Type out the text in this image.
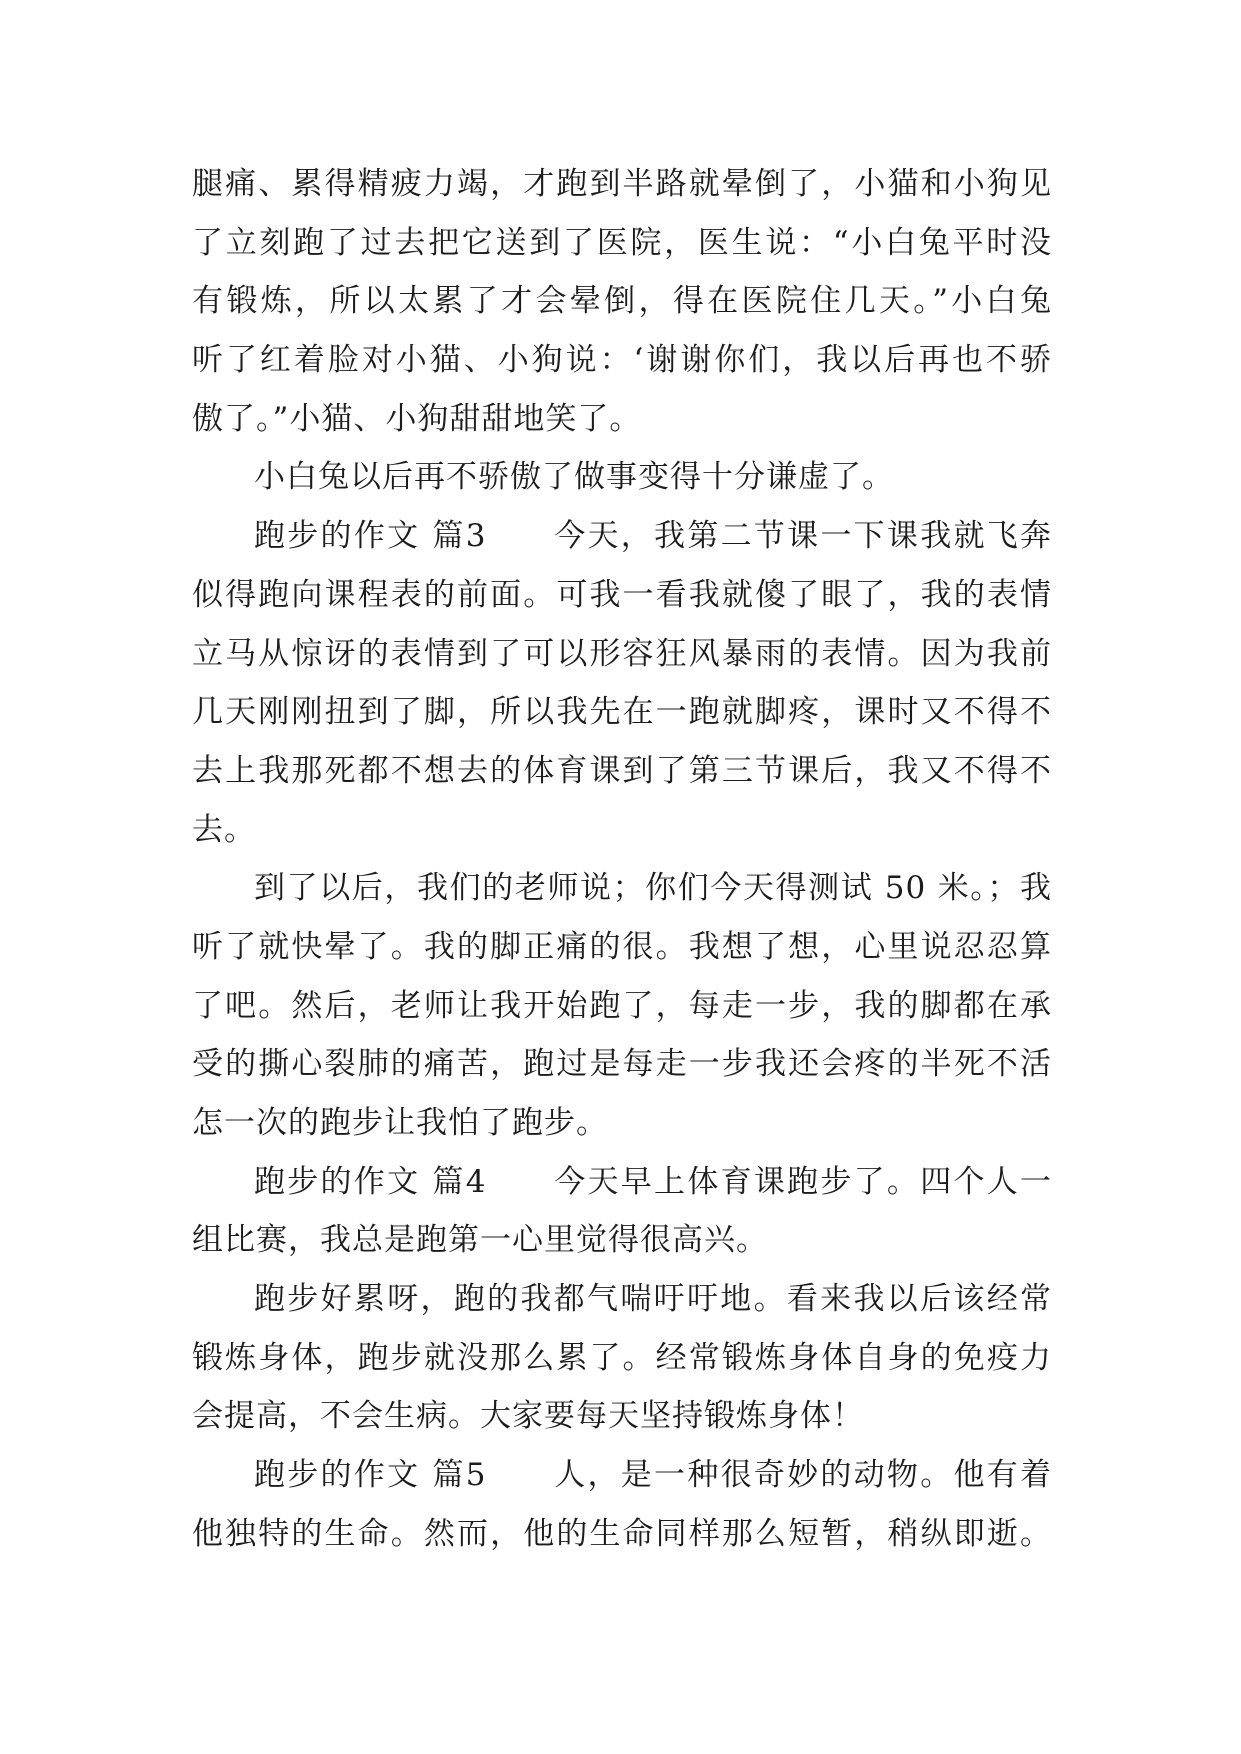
腿痛、累得精疲力竭，才跑到半路就晕倒了，小猫和小狗见
了立刻跑了过去把它送到了医院，医生说：“小白兔平时没
有锻炼，所以太累了才会晕倒，得在医院住几天。”小白兔
听了红着脸对小猫、小狗说：‘谢谢你们，我以后再也不骄
傲了。”小猫、小狗甜甜地笑了。
小白兔以后再不骄傲了做事变得十分谦虚了。
跑步的作文 篇3　　今天，我第二节课一下课我就飞奔
似得跑向课程表的前面。可我一看我就傻了眼了，我的表情
立马从惊讶的表情到了可以形容狂风暴雨的表情。因为我前
几天刚刚扭到了脚，所以我先在一跑就脚疼，课时又不得不
去上我那死都不想去的体育课到了第三节课后，我又不得不
去。
到了以后，我们的老师说；你们今天得测试 50 米。；我
听了就快晕了。我的脚正痛的很。我想了想，心里说忍忍算
了吧。然后，老师让我开始跑了，每走一步，我的脚都在承
受的撕心裂肺的痛苦，跑过是每走一步我还会疼的半死不活
怎一次的跑步让我怕了跑步。
跑步的作文 篇4　　今天早上体育课跑步了。四个人一
组比赛，我总是跑第一心里觉得很高兴。
跑步好累呀，跑的我都气喘吁吁地。看来我以后该经常
锻炼身体，跑步就没那么累了。经常锻炼身体自身的免疫力
会提高，不会生病。大家要每天坚持锻炼身体！
跑步的作文 篇5　　人，是一种很奇妙的动物。他有着
他独特的生命。然而，他的生命同样那么短暂，稍纵即逝。
